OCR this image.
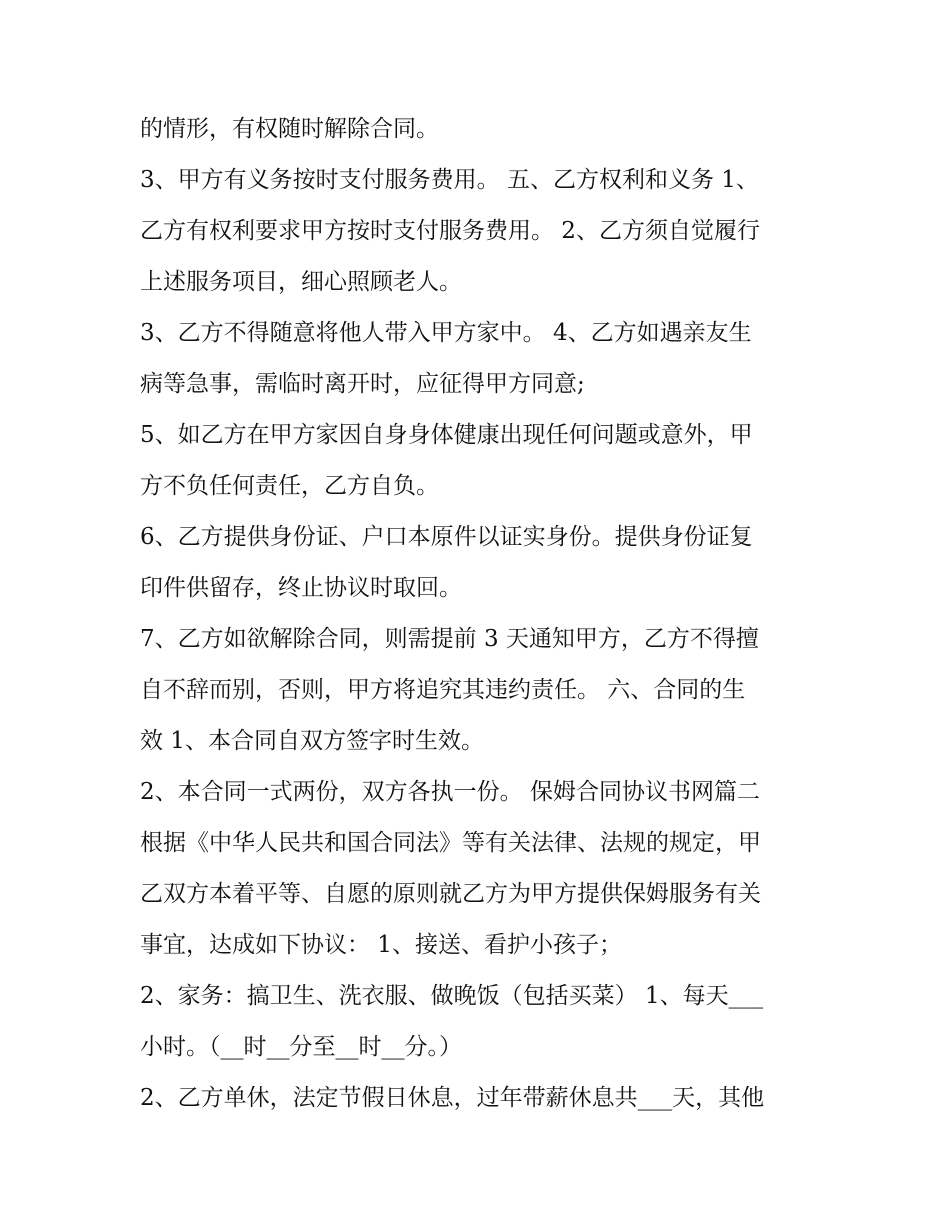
的情形，有权随时解除合同。
3、甲方有义务按时支付服务费用。 五、乙方权利和义务 1、
乙方有权利要求甲方按时支付服务费用。 2、乙方须自觉履行
上述服务项目，细心照顾老人。
3、乙方不得随意将他人带入甲方家中。 4、乙方如遇亲友生
病等急事，需临时离开时，应征得甲方同意;
5、如乙方在甲方家因自身身体健康出现任何问题或意外，甲
方不负任何责任，乙方自负。
6、乙方提供身份证、户口本原件以证实身份。提供身份证复
印件供留存，终止协议时取回。
7、乙方如欲解除合同，则需提前 3 天通知甲方，乙方不得擅
自不辞而别，否则，甲方将追究其违约责任。 六、合同的生
效 1、本合同自双方签字时生效。
2、本合同一式两份，双方各执一份。 保姆合同协议书网篇二
根据《中华人民共和国合同法》等有关法律、法规的规定，甲
乙双方本着平等、自愿的原则就乙方为甲方提供保姆服务有关
事宜，达成如下协议： 1、接送、看护小孩子；
2、家务：搞卫生、洗衣服、做晚饭（包括买菜） 1、每天___
小时。（__时__分至__时__分。）
2、乙方单休，法定节假日休息，过年带薪休息共___天，其他
